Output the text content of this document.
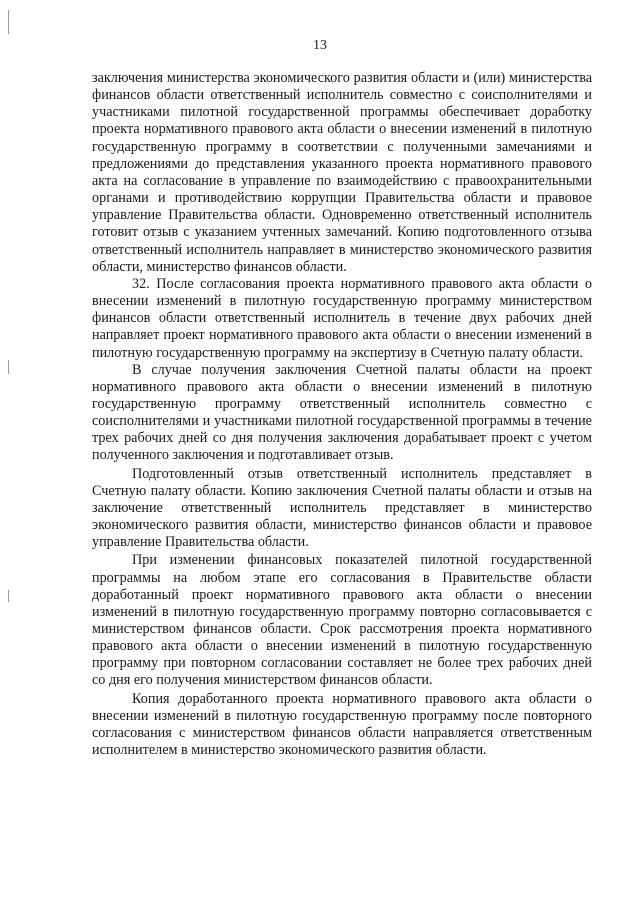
13

заключения министерства экономического развития области и (или) министерства финансов области ответственный исполнитель совместно с соисполнителями и участниками пилотной государственной программы обеспечивает доработку проекта нормативного правового акта области о внесении изменений в пилотную государственную программу в соответствии с полученными замечаниями и предложениями до представления указанного проекта нормативного правового акта на согласование в управление по взаимодействию с правоохранительными органами и противодействию коррупции Правительства области и правовое управление Правительства области. Одновременно ответственный исполнитель готовит отзыв с указанием учтенных замечаний. Копию подготовленного отзыва ответственный исполнитель направляет в министерство экономического развития области, министерство финансов области.

32. После согласования проекта нормативного правового акта области о внесении изменений в пилотную государственную программу министерством финансов области ответственный исполнитель в течение двух рабочих дней направляет проект нормативного правового акта области о внесении изменений в пилотную государственную программу на экспертизу в Счетную палату области.

В случае получения заключения Счетной палаты области на проект нормативного правового акта области о внесении изменений в пилотную государственную программу ответственный исполнитель совместно с соисполнителями и участниками пилотной государственной программы в течение трех рабочих дней со дня получения заключения дорабатывает проект с учетом полученного заключения и подготавливает отзыв.

Подготовленный отзыв ответственный исполнитель представляет в Счетную палату области. Копию заключения Счетной палаты области и отзыв на заключение ответственный исполнитель представляет в министерство экономического развития области, министерство финансов области и правовое управление Правительства области.

При изменении финансовых показателей пилотной государственной программы на любом этапе его согласования в Правительстве области доработанный проект нормативного правового акта области о внесении изменений в пилотную государственную программу повторно согласовывается с министерством финансов области. Срок рассмотрения проекта нормативного правового акта области о внесении изменений в пилотную государственную программу при повторном согласовании составляет не более трех рабочих дней со дня его получения министерством финансов области.

Копия доработанного проекта нормативного правового акта области о внесении изменений в пилотную государственную программу после повторного согласования с министерством финансов области направляется ответственным исполнителем в министерство экономического развития области.
